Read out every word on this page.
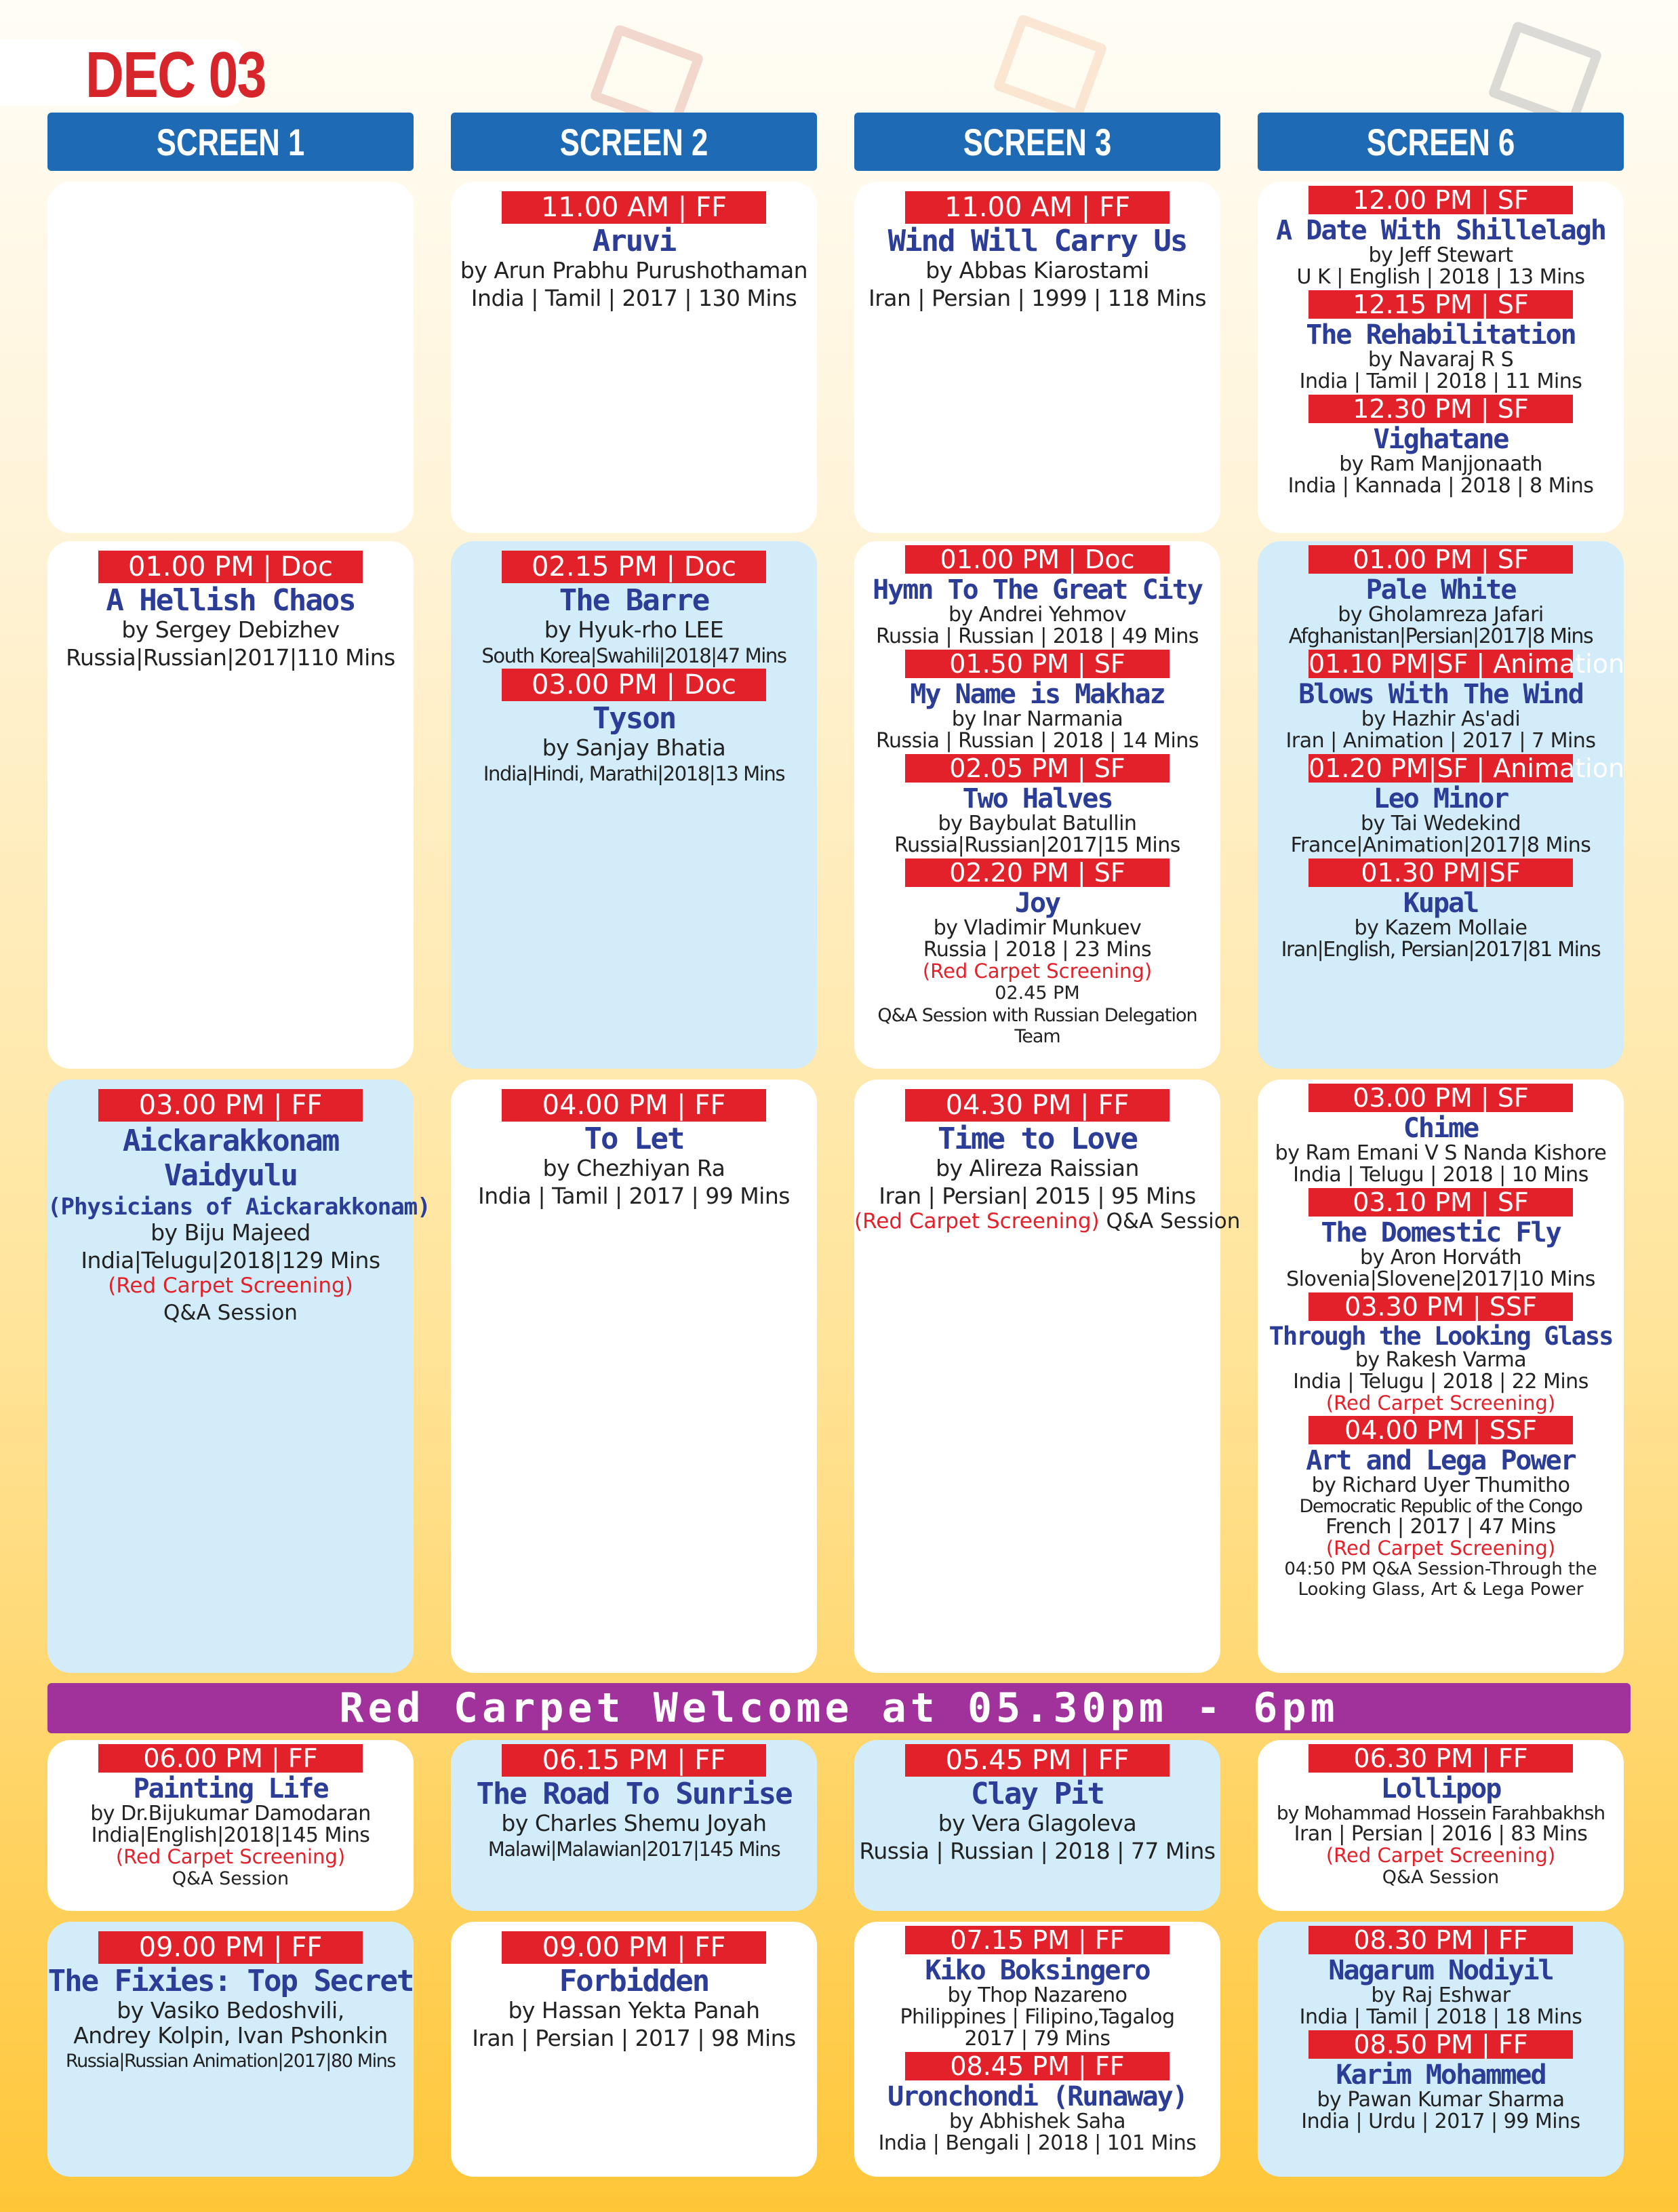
DEC 03
SCREEN 1	SCREEN 2	SCREEN 3	SCREEN 6
11.00 AM | FF
Aruvi
by Arun Prabhu Purushothaman
India | Tamil | 2017 | 130 Mins
11.00 AM | FF
Wind Will Carry Us
by Abbas Kiarostami
Iran | Persian | 1999 | 118 Mins
12.00 PM | SF
A Date With Shillelagh
by Jeff Stewart
U K | English | 2018 | 13 Mins
12.15 PM | SF
The Rehabilitation
by Navaraj R S
India | Tamil | 2018 | 11 Mins
12.30 PM | SF
Vighatane
by Ram Manjjonaath
India | Kannada | 2018 | 8 Mins
01.00 PM | Doc
A Hellish Chaos
by Sergey Debizhev
Russia|Russian|2017|110 Mins
02.15 PM | Doc
The Barre
by Hyuk-rho LEE
South Korea|Swahili|2018|47 Mins
03.00 PM | Doc
Tyson
by Sanjay Bhatia
India|Hindi, Marathi|2018|13 Mins
01.00 PM | Doc
Hymn To The Great City
by Andrei Yehmov
Russia | Russian | 2018 | 49 Mins
01.50 PM | SF
My Name is Makhaz
by Inar Narmania
Russia | Russian | 2018 | 14 Mins
02.05 PM | SF
Two Halves
by Baybulat Batullin
Russia|Russian|2017|15 Mins
02.20 PM | SF
Joy
by Vladimir Munkuev
Russia | 2018 | 23 Mins
(Red Carpet Screening)
02.45 PM
Q&A Session with Russian Delegation Team
01.00 PM | SF
Pale White
by Gholamreza Jafari
Afghanistan|Persian|2017|8 Mins
01.10 PM|SF | Animation
Blows With The Wind
by Hazhir As'adi
Iran | Animation | 2017 | 7 Mins
01.20 PM|SF | Animation
Leo Minor
by Tai Wedekind
France|Animation|2017|8 Mins
01.30 PM|SF
Kupal
by Kazem Mollaie
Iran|English, Persian|2017|81 Mins
03.00 PM | FF
Aickarakkonam Vaidyulu
(Physicians of Aickarakkonam)
by Biju Majeed
India|Telugu|2018|129 Mins
(Red Carpet Screening)
Q&A Session
04.00 PM | FF
To Let
by Chezhiyan Ra
India | Tamil | 2017 | 99 Mins
04.30 PM | FF
Time to Love
by Alireza Raissian
Iran | Persian| 2015 | 95 Mins
(Red Carpet Screening) Q&A Session
03.00 PM | SF
Chime
by Ram Emani V S Nanda Kishore
India | Telugu | 2018 | 10 Mins
03.10 PM | SF
The Domestic Fly
by Aron Horváth
Slovenia|Slovene|2017|10 Mins
03.30 PM | SSF
Through the Looking Glass
by Rakesh Varma
India | Telugu | 2018 | 22 Mins
(Red Carpet Screening)
04.00 PM | SSF
Art and Lega Power
by Richard Uyer Thumitho
Democratic Republic of the Congo
French | 2017 | 47 Mins
(Red Carpet Screening)
04:50 PM Q&A Session-Through the Looking Glass, Art & Lega Power
Red Carpet Welcome at 05.30pm - 6pm
06.00 PM | FF
Painting Life
by Dr.Bijukumar Damodaran
India|English|2018|145 Mins
(Red Carpet Screening)
Q&A Session
06.15 PM | FF
The Road To Sunrise
by Charles Shemu Joyah
Malawi|Malawian|2017|145 Mins
05.45 PM | FF
Clay Pit
by Vera Glagoleva
Russia | Russian | 2018 | 77 Mins
06.30 PM | FF
Lollipop
by Mohammad Hossein Farahbakhsh
Iran | Persian | 2016 | 83 Mins
(Red Carpet Screening)
Q&A Session
09.00 PM | FF
The Fixies: Top Secret
by Vasiko Bedoshvili,
Andrey Kolpin, Ivan Pshonkin
Russia|Russian Animation|2017|80 Mins
09.00 PM | FF
Forbidden
by Hassan Yekta Panah
Iran | Persian | 2017 | 98 Mins
07.15 PM | FF
Kiko Boksingero
by Thop Nazareno
Philippines | Filipino,Tagalog
2017 | 79 Mins
08.45 PM | FF
Uronchondi (Runaway)
by Abhishek Saha
India | Bengali | 2018 | 101 Mins
08.30 PM | FF
Nagarum Nodiyil
by Raj Eshwar
India | Tamil | 2018 | 18 Mins
08.50 PM | FF
Karim Mohammed
by Pawan Kumar Sharma
India | Urdu | 2017 | 99 Mins
